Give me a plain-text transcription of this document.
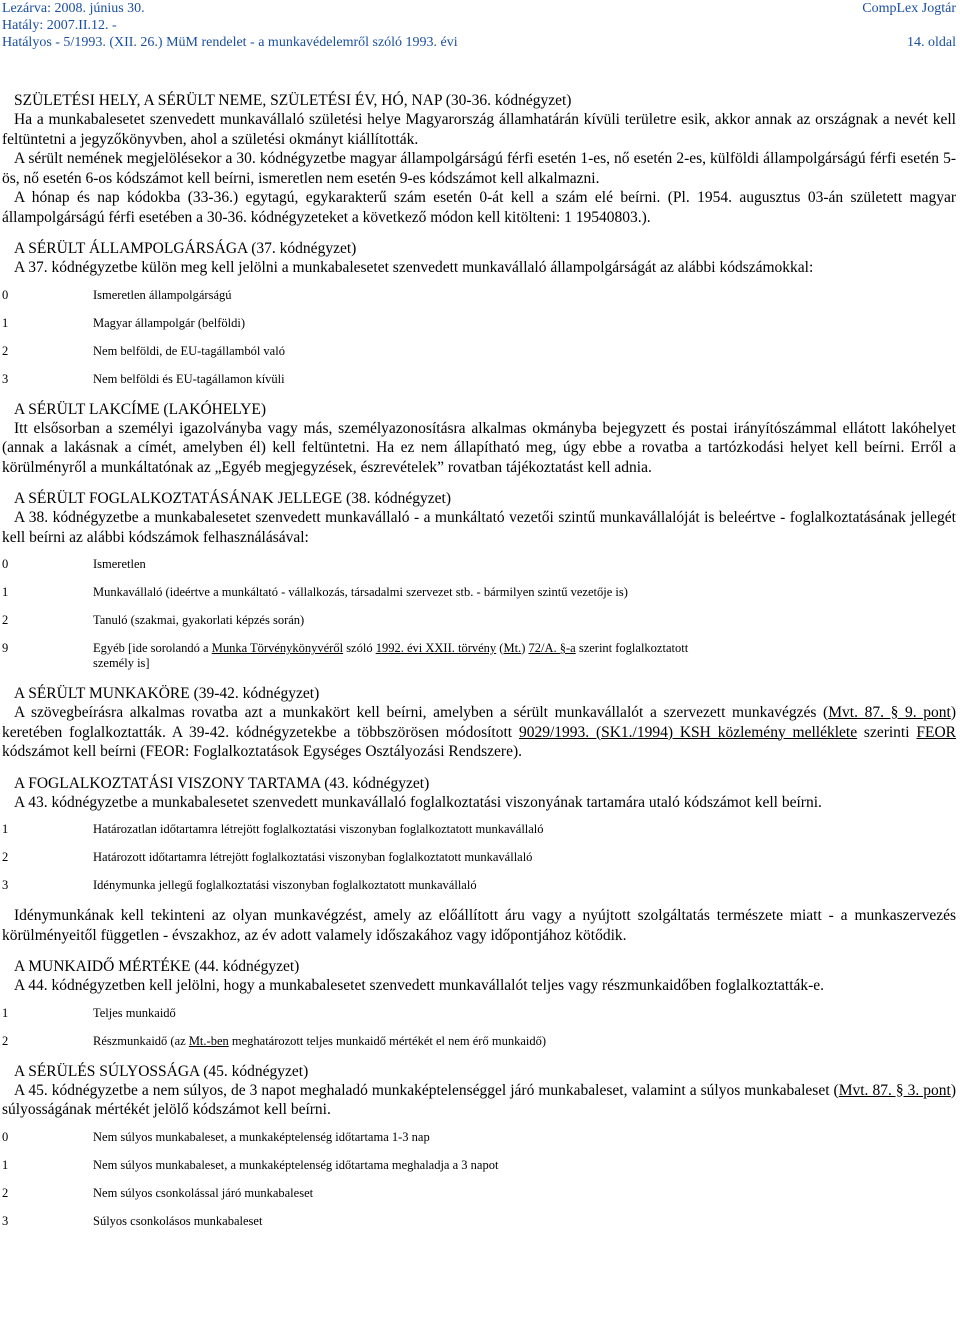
Lezárva: 2008. június 30.	CompLex Jogtár
Hatály: 2007.II.12. -
Hatályos - 5/1993. (XII. 26.) MüM rendelet - a munkavédelemről szóló 1993. évi	14. oldal
SZÜLETÉSI HELY, A SÉRÜLT NEME, SZÜLETÉSI ÉV, HÓ, NAP (30-36. kódnégyzet)

Ha a munkabalesetet szenvedett munkavállaló születési helye Magyarország államhatárán kívüli területre esik, akkor annak az országnak a nevét kell feltüntetni a jegyzőkönyvben, ahol a születési okmányt kiállították.

A sérült nemének megjelölésekor a 30. kódnégyzetbe magyar állampolgárságú férfi esetén 1-es, nő esetén 2-es, külföldi állampolgárságú férfi esetén 5-ös, nő esetén 6-os kódszámot kell beírni, ismeretlen nem esetén 9-es kódszámot kell alkalmazni.

A hónap és nap kódokba (33-36.) egytagú, egykarakterű szám esetén 0-át kell a szám elé beírni. (Pl. 1954. augusztus 03-án született magyar állampolgárságú férfi esetében a 30-36. kódnégyzeteket a következő módon kell kitölteni: 1 19540803.).

A SÉRÜLT ÁLLAMPOLGÁRSÁGA (37. kódnégyzet)

A 37. kódnégyzetbe külön meg kell jelölni a munkabalesetet szenvedett munkavállaló állampolgárságát az alábbi kódszámokkal:

0	Ismeretlen állampolgárságú
1	Magyar állampolgár (belföldi)
2	Nem belföldi, de EU-tagállamból való
3	Nem belföldi és EU-tagállamon kívüli
A SÉRÜLT LAKCÍME (LAKÓHELYE)

Itt elsősorban a személyi igazolványba vagy más, személyazonosításra alkalmas okmányba bejegyzett és postai irányítószámmal ellátott lakóhelyet (annak a lakásnak a címét, amelyben él) kell feltüntetni. Ha ez nem állapítható meg, úgy ebbe a rovatba a tartózkodási helyet kell beírni. Erről a körülményről a munkáltatónak az „Egyéb megjegyzések, észrevételek” rovatban tájékoztatást kell adnia.

A SÉRÜLT FOGLALKOZTATÁSÁNAK JELLEGE (38. kódnégyzet)

A 38. kódnégyzetbe a munkabalesetet szenvedett munkavállaló - a munkáltató vezetői szintű munkavállalóját is beleértve - foglalkoztatásának jellegét kell beírni az alábbi kódszámok felhasználásával:

0	Ismeretlen
1	Munkavállaló (ideértve a munkáltató - vállalkozás, társadalmi szervezet stb. - bármilyen szintű vezetője is)
2	Tanuló (szakmai, gyakorlati képzés során)
9	Egyéb [ide sorolandó a Munka Törvénykönyvéről szóló 1992. évi XXII. törvény (Mt.) 72/A. §-a szerint foglalkoztatott személy is]
A SÉRÜLT MUNKAKÖRE (39-42. kódnégyzet)

A szövegbeírásra alkalmas rovatba azt a munkakört kell beírni, amelyben a sérült munkavállalót a szervezett munkavégzés (Mvt. 87. § 9. pont) keretében foglalkoztatták. A 39-42. kódnégyzetekbe a többszörösen módosított 9029/1993. (SK1./1994) KSH közlemény melléklete szerinti FEOR kódszámot kell beírni (FEOR: Foglalkoztatások Egységes Osztályozási Rendszere).

A FOGLALKOZTATÁSI VISZONY TARTAMA (43. kódnégyzet)

A 43. kódnégyzetbe a munkabalesetet szenvedett munkavállaló foglalkoztatási viszonyának tartamára utaló kódszámot kell beírni.

1	Határozatlan időtartamra létrejött foglalkoztatási viszonyban foglalkoztatott munkavállaló
2	Határozott időtartamra létrejött foglalkoztatási viszonyban foglalkoztatott munkavállaló
3	Idénymunka jellegű foglalkoztatási viszonyban foglalkoztatott munkavállaló

Idénymunkának kell tekinteni az olyan munkavégzést, amely az előállított áru vagy a nyújtott szolgáltatás természete miatt - a munkaszervezés körülményeitől független - évszakhoz, az év adott valamely időszakához vagy időpontjához kötődik.

A MUNKAIDŐ MÉRTÉKE (44. kódnégyzet)

A 44. kódnégyzetben kell jelölni, hogy a munkabalesetet szenvedett munkavállalót teljes vagy részmunkaidőben foglalkoztatták-e.

1	Teljes munkaidő
2	Részmunkaidő (az Mt.-ben meghatározott teljes munkaidő mértékét el nem érő munkaidő)
A SÉRÜLÉS SÚLYOSSÁGA (45. kódnégyzet)

A 45. kódnégyzetbe a nem súlyos, de 3 napot meghaladó munkaképtelenséggel járó munkabaleset, valamint a súlyos munkabaleset (Mvt. 87. § 3. pont) súlyosságának mértékét jelölő kódszámot kell beírni.

0	Nem súlyos munkabaleset, a munkaképtelenség időtartama 1-3 nap
1	Nem súlyos munkabaleset, a munkaképtelenség időtartama meghaladja a 3 napot
2	Nem súlyos csonkolással járó munkabaleset
3	Súlyos csonkolásos munkabaleset
